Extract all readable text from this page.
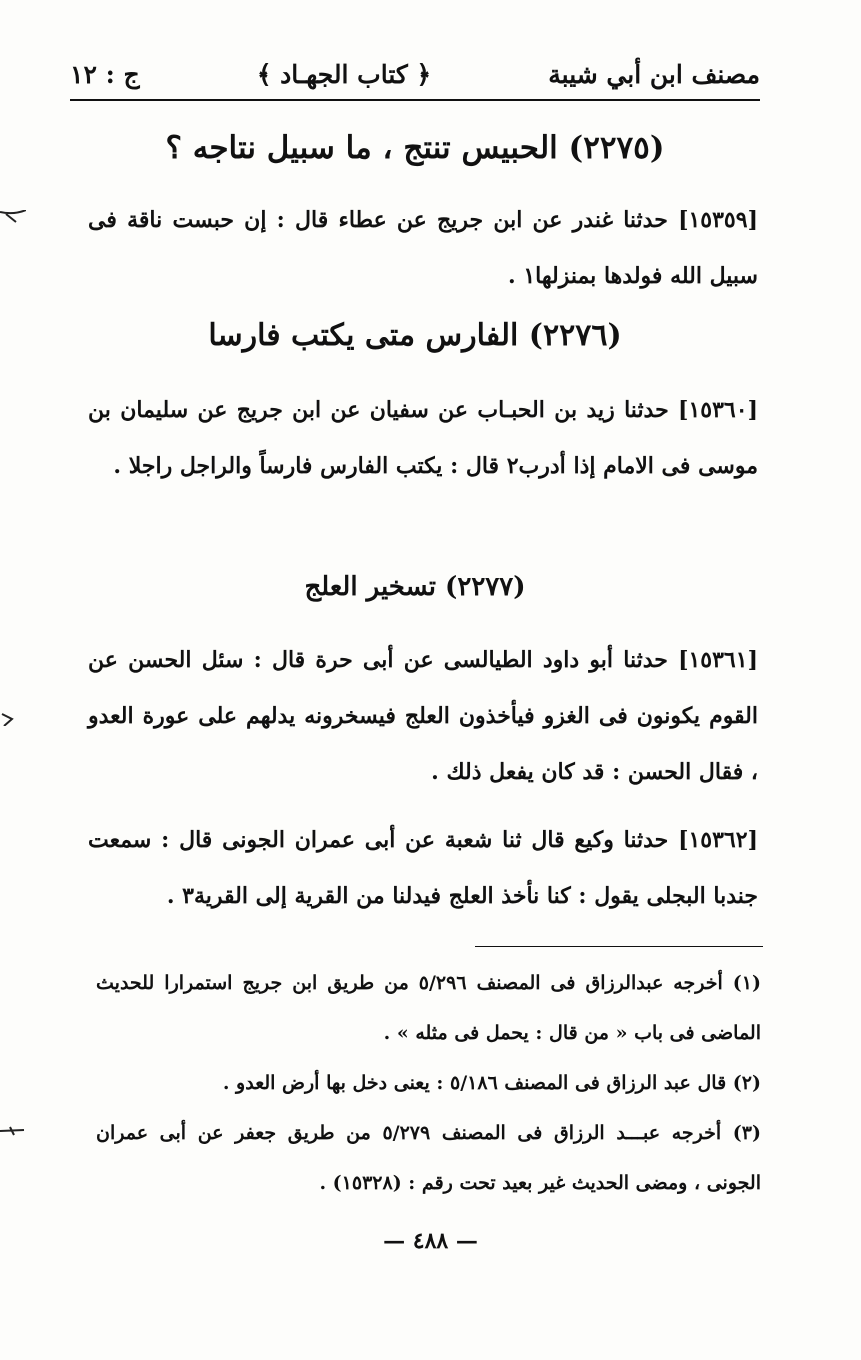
مصنف ابن أبي شيبة
﴿ كتاب الجهـاد ﴾
ج : ١٢
(٢٢٧٥) الحبيس تنتج ، ما سبيل نتاجه ؟
[١٥٣٥٩] حدثنا غندر عن ابن جريج عن عطاء قال : إن حبست ناقة فى سبيل الله فولدها بمنزلها١ .
(٢٢٧٦) الفارس متى يكتب فارسا
[١٥٣٦٠] حدثنا زيد بن الحبـاب عن سفيان عن ابن جريج عن سليمان بن موسى فى الامام إذا أدرب٢ قال : يكتب الفارس فارساً والراجل راجلا .
(٢٢٧٧) تسخير العلج
[١٥٣٦١] حدثنا أبو داود الطيالسى عن أبى حرة قال : سئل الحسن عن القوم يكونون فى الغزو فيأخذون العلج فيسخرونه يدلهم على عورة العدو ، فقال الحسن : قد كان يفعل ذلك .
[١٥٣٦٢] حدثنا وكيع قال ثنا شعبة عن أبى عمران الجونى قال : سمعت جندبا البجلى يقول : كنا نأخذ العلج فيدلنا من القرية إلى القرية٣ .
(١) أخرجه عبدالرزاق فى المصنف ٥/٢٩٦ من طريق ابن جريج استمرارا للحديث الماضى فى باب « من قال : يحمل فى مثله » .
(٢) قال عبد الرزاق فى المصنف ٥/١٨٦ : يعنى دخل بها أرض العدو .
(٣) أخرجه عبـــد الرزاق فى المصنف ٥/٢٧٩ من طريق جعفر عن أبى عمران الجونى ، ومضى الحديث غير بعيد تحت رقم : (١٥٣٢٨) .
— ٤٨٨ —
